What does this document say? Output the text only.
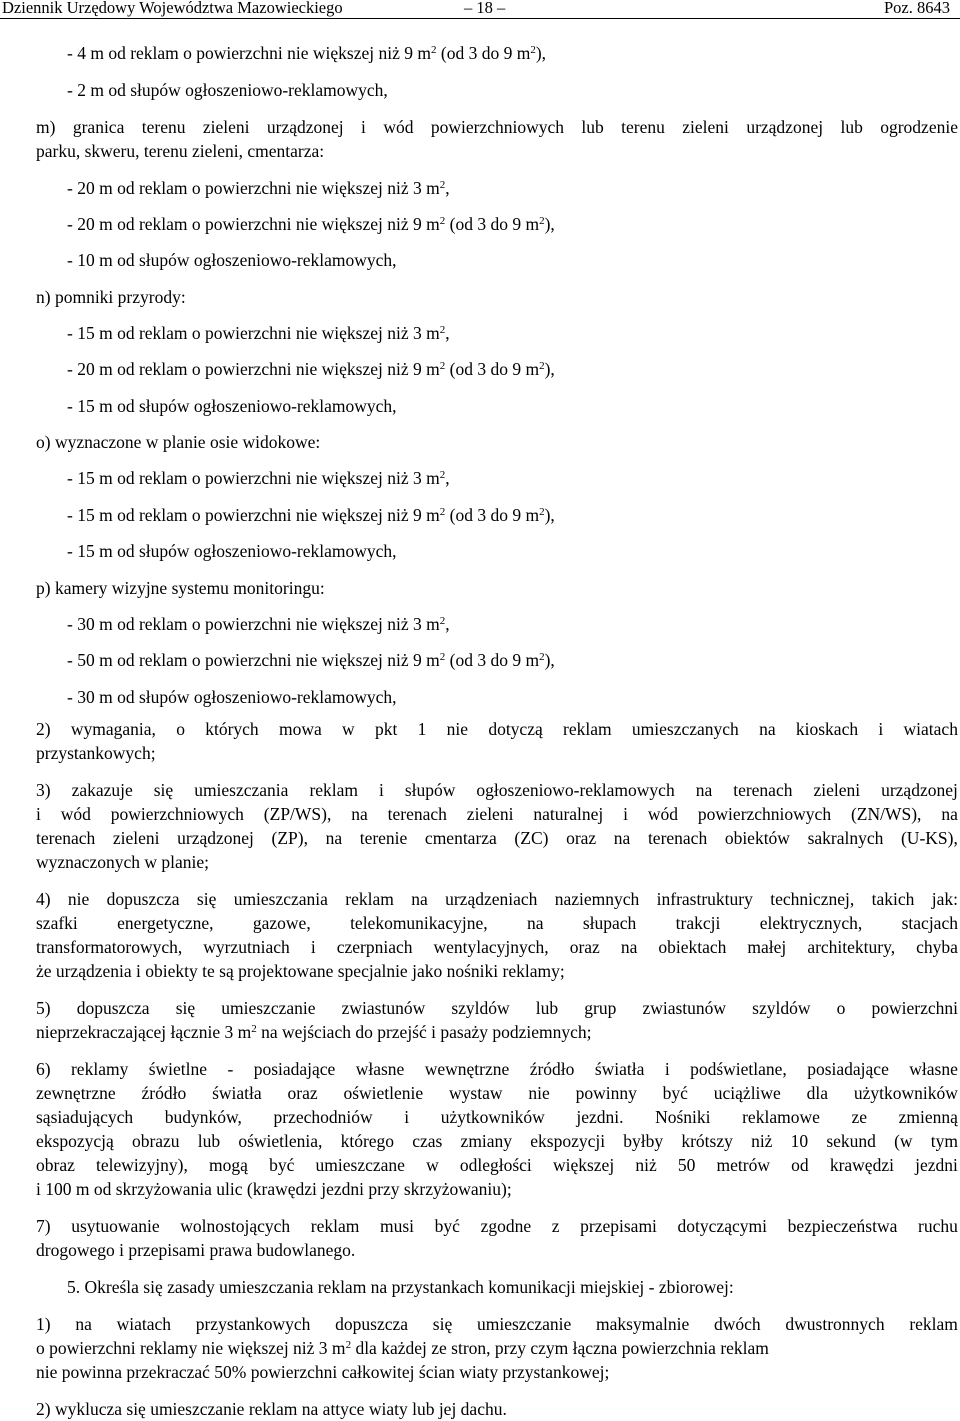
Dziennik Urzędowy Województwa Mazowieckiego	– 18 –	Poz. 8643
- 4 m od reklam o powierzchni nie większej niż 9 $m^2$ (od 3 do 9 $m^2$),
- 2 m od słupów ogłoszeniowo-reklamowych,
m) granica terenu zieleni urządzonej i wód powierzchniowych lub terenu zieleni urządzonej lub ogrodzenie
parku, skweru, terenu zieleni, cmentarza:
- 20 m od reklam o powierzchni nie większej niż 3 $m^2$,
- 20 m od reklam o powierzchni nie większej niż 9 $m^2$ (od 3 do 9 $m^2$),
- 10 m od słupów ogłoszeniowo-reklamowych,
n) pomniki przyrody:
- 15 m od reklam o powierzchni nie większej niż 3 $m^2$,
- 20 m od reklam o powierzchni nie większej niż 9 $m^2$ (od 3 do 9 $m^2$),
- 15 m od słupów ogłoszeniowo-reklamowych,
o) wyznaczone w planie osie widokowe:
- 15 m od reklam o powierzchni nie większej niż 3 $m^2$,
- 15 m od reklam o powierzchni nie większej niż 9 $m^2$ (od 3 do 9 $m^2$),
- 15 m od słupów ogłoszeniowo-reklamowych,
p) kamery wizyjne systemu monitoringu:
- 30 m od reklam o powierzchni nie większej niż 3 $m^2$,
- 50 m od reklam o powierzchni nie większej niż 9 $m^2$ (od 3 do 9 $m^2$),
- 30 m od słupów ogłoszeniowo-reklamowych,
2) wymagania, o których mowa w pkt 1 nie dotyczą reklam umieszczanych na kioskach i wiatach
przystankowych;
3) zakazuje się umieszczania reklam i słupów ogłoszeniowo-reklamowych na terenach zieleni urządzonej
i wód powierzchniowych (ZP/WS), na terenach zieleni naturalnej i wód powierzchniowych (ZN/WS), na
terenach zieleni urządzonej (ZP), na terenie cmentarza (ZC) oraz na terenach obiektów sakralnych (U-KS),
wyznaczonych w planie;
4) nie dopuszcza się umieszczania reklam na urządzeniach naziemnych infrastruktury technicznej, takich jak:
szafki energetyczne, gazowe, telekomunikacyjne, na słupach trakcji elektrycznych, stacjach
transformatorowych, wyrzutniach i czerpniach wentylacyjnych, oraz na obiektach małej architektury, chyba
że urządzenia i obiekty te są projektowane specjalnie jako nośniki reklamy;
5) dopuszcza się umieszczanie zwiastunów szyldów lub grup zwiastunów szyldów o powierzchni
nieprzekraczającej łącznie 3 $m^2$ na wejściach do przejść i pasaży podziemnych;
6) reklamy świetlne - posiadające własne wewnętrzne źródło światła i podświetlane, posiadające własne
zewnętrzne źródło światła oraz oświetlenie wystaw nie powinny być uciążliwe dla użytkowników
sąsiadujących budynków, przechodniów i użytkowników jezdni. Nośniki reklamowe ze zmienną
ekspozycją obrazu lub oświetlenia, którego czas zmiany ekspozycji byłby krótszy niż 10 sekund (w tym
obraz telewizyjny), mogą być umieszczane w odległości większej niż 50 metrów od krawędzi jezdni
i 100 m od skrzyżowania ulic (krawędzi jezdni przy skrzyżowaniu);
7) usytuowanie wolnostojących reklam musi być zgodne z przepisami dotyczącymi bezpieczeństwa ruchu
drogowego i przepisami prawa budowlanego.
5. Określa się zasady umieszczania reklam na przystankach komunikacji miejskiej - zbiorowej:
1) na wiatach przystankowych dopuszcza się umieszczanie maksymalnie dwóch dwustronnych reklam
o powierzchni reklamy nie większej niż 3 $m^2$ dla każdej ze stron, przy czym łączna powierzchnia reklam
nie powinna przekraczać 50% powierzchni całkowitej ścian wiaty przystankowej;
2) wyklucza się umieszczanie reklam na attyce wiaty lub jej dachu.
